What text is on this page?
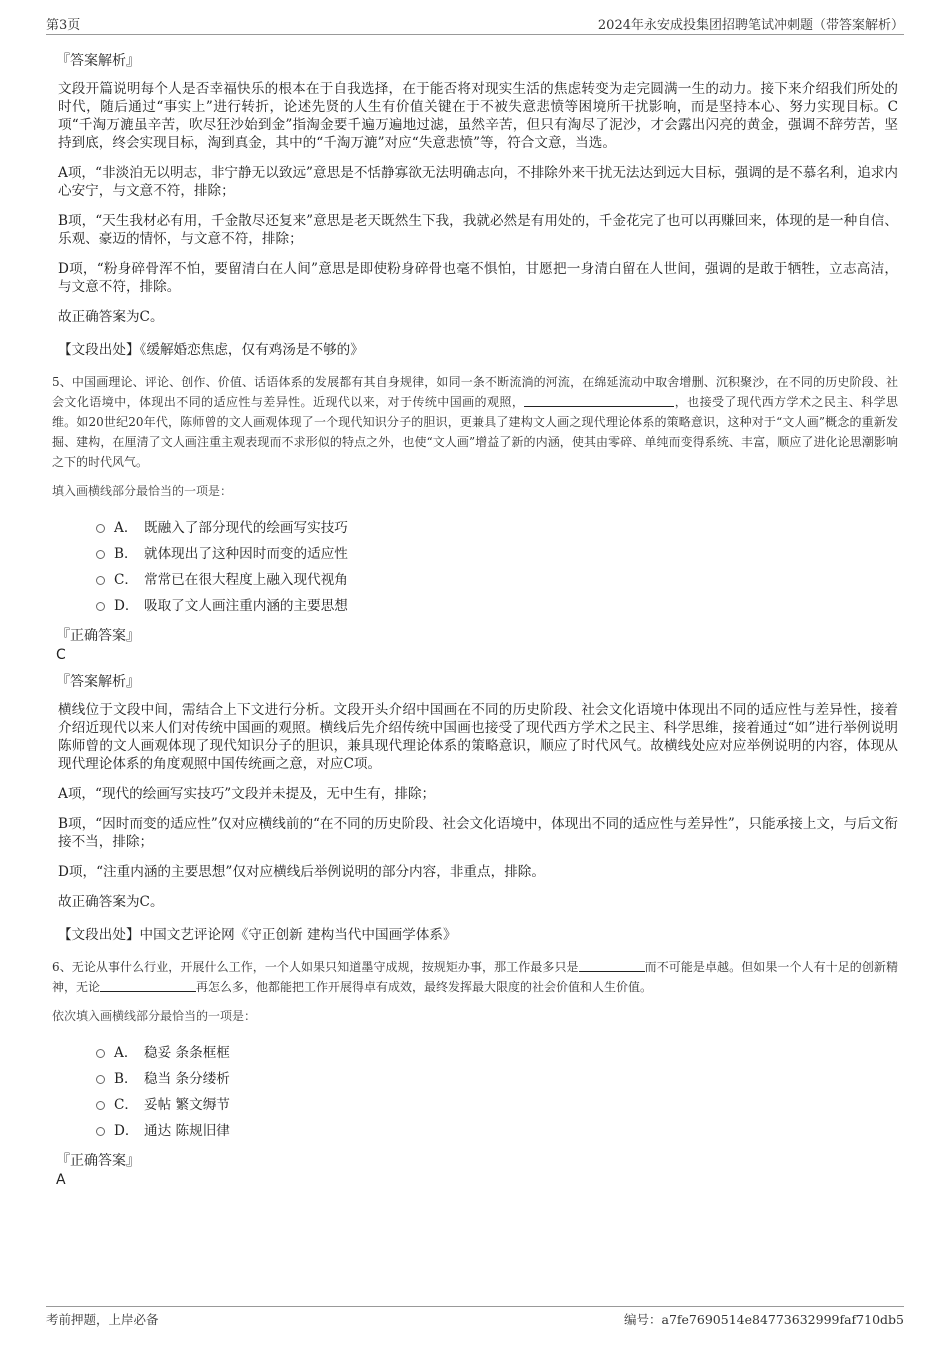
第3页	2024年永安成投集团招聘笔试冲刺题（带答案解析）
『答案解析』

文段开篇说明每个人是否幸福快乐的根本在于自我选择，在于能否将对现实生活的焦虑转变为走完圆满一生的动力。接下来介绍我们所处的时代，随后通过“事实上”进行转折，论述先贤的人生有价值关键在于不被失意悲愤等困境所干扰影响，而是坚持本心、努力实现目标。C项“千淘万漉虽辛苦，吹尽狂沙始到金”指淘金要千遍万遍地过滤，虽然辛苦，但只有淘尽了泥沙，才会露出闪亮的黄金，强调不辞劳苦，坚持到底，终会实现目标，淘到真金，其中的“千淘万漉”对应“失意悲愤”等，符合文意，当选。

A项，“非淡泊无以明志，非宁静无以致远”意思是不恬静寡欲无法明确志向，不排除外来干扰无法达到远大目标，强调的是不慕名利，追求内心安宁，与文意不符，排除；

B项，“天生我材必有用，千金散尽还复来”意思是老天既然生下我，我就必然是有用处的，千金花完了也可以再赚回来，体现的是一种自信、乐观、豪迈的情怀，与文意不符，排除；

D项，“粉身碎骨浑不怕，要留清白在人间”意思是即使粉身碎骨也毫不惧怕，甘愿把一身清白留在人世间，强调的是敢于牺牲，立志高洁，与文意不符，排除。

故正确答案为C。

【文段出处】《缓解婚恋焦虑，仅有鸡汤是不够的》
5、中国画理论、评论、创作、价值、话语体系的发展都有其自身规律，如同一条不断流淌的河流，在绵延流动中取舍增删、沉积聚沙，在不同的历史阶段、社会文化语境中，体现出不同的适应性与差异性。近现代以来，对于传统中国画的观照，	，也接受了现代西方学术之民主、科学思维。如20世纪20年代，陈师曾的文人画观体现了一个现代知识分子的胆识，更兼具了建构文人画之现代理论体系的策略意识，这种对于“文人画”概念的重新发掘、建构，在厘清了文人画注重主观表现而不求形似的特点之外，也使“文人画”增益了新的内涵，使其由零碎、单纯而变得系统、丰富，顺应了进化论思潮影响之下的时代风气。
填入画横线部分最恰当的一项是：
A． 既融入了部分现代的绘画写实技巧
B． 就体现出了这种因时而变的适应性
C． 常常已在很大程度上融入现代视角
D． 吸取了文人画注重内涵的主要思想
『正确答案』
C
『答案解析』

横线位于文段中间，需结合上下文进行分析。文段开头介绍中国画在不同的历史阶段、社会文化语境中体现出不同的适应性与差异性，接着介绍近现代以来人们对传统中国画的观照。横线后先介绍传统中国画也接受了现代西方学术之民主、科学思维，接着通过“如”进行举例说明陈师曾的文人画观体现了现代知识分子的胆识，兼具现代理论体系的策略意识，顺应了时代风气。故横线处应对应举例说明的内容，体现从现代理论体系的角度观照中国传统画之意，对应C项。

A项，“现代的绘画写实技巧”文段并未提及，无中生有，排除；

B项，“因时而变的适应性”仅对应横线前的“在不同的历史阶段、社会文化语境中，体现出不同的适应性与差异性”，只能承接上文，与后文衔接不当，排除；

D项，“注重内涵的主要思想”仅对应横线后举例说明的部分内容，非重点，排除。

故正确答案为C。

【文段出处】中国文艺评论网《守正创新 建构当代中国画学体系》
6、无论从事什么行业，开展什么工作，一个人如果只知道墨守成规，按规矩办事，那工作最多只是	而不可能是卓越。但如果一个人有十足的创新精神，无论	再怎么多，他都能把工作开展得卓有成效，最终发挥最大限度的社会价值和人生价值。
依次填入画横线部分最恰当的一项是：
A． 稳妥 条条框框
B． 稳当 条分缕析
C． 妥帖 繁文缛节
D． 通达 陈规旧律
『正确答案』
A
考前押题，上岸必备	编号：a7fe7690514e84773632999faf710db5
